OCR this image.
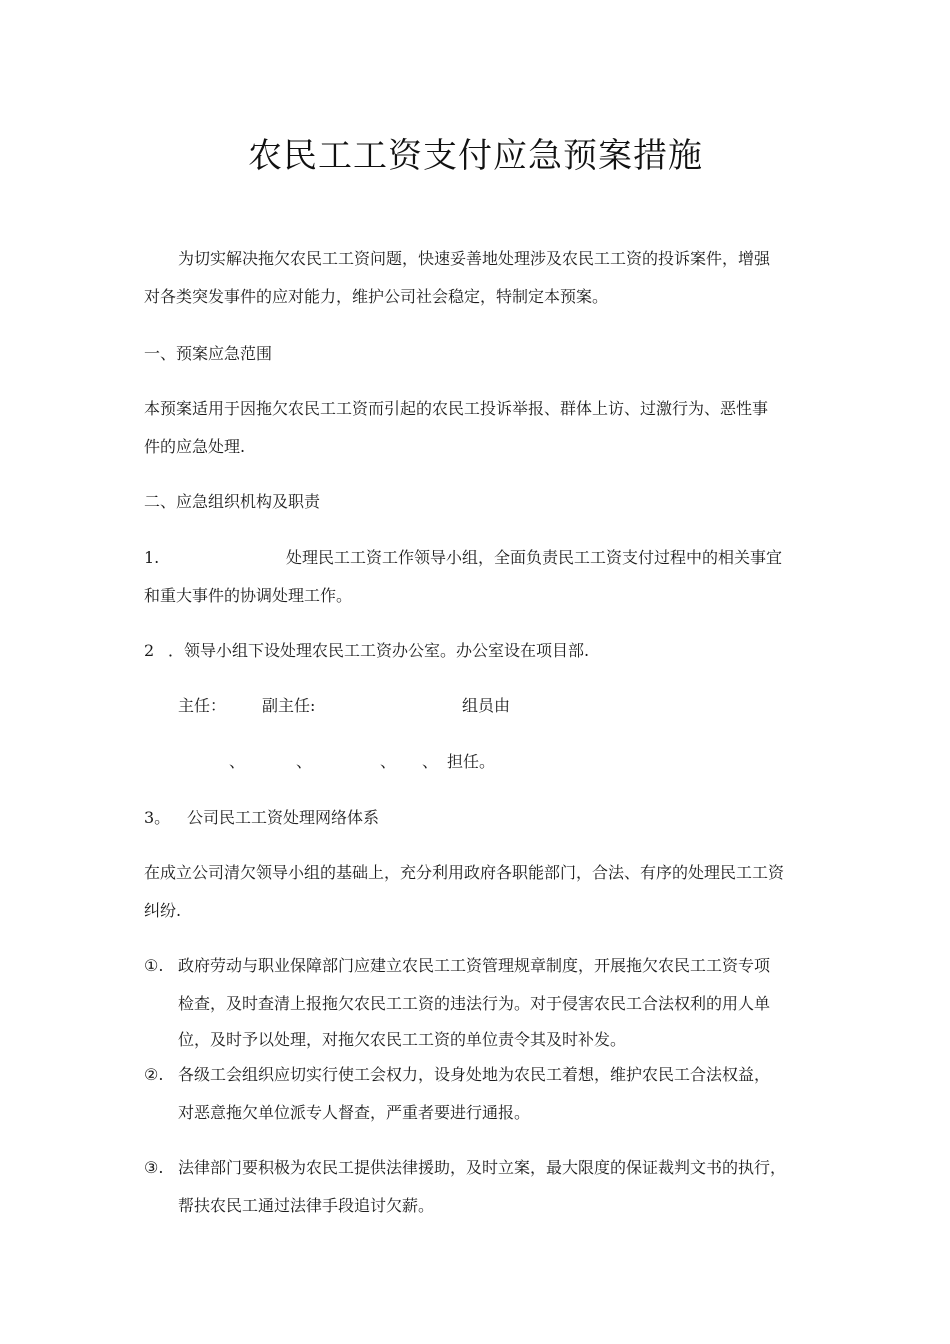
农民工工资支付应急预案措施
为切实解决拖欠农民工工资问题，快速妥善地处理涉及农民工工资的投诉案件，增强
对各类突发事件的应对能力，维护公司社会稳定，特制定本预案。
一、预案应急范围
本预案适用于因拖欠农民工工资而引起的农民工投诉举报、群体上访、过激行为、恶性事
件的应急处理.
二、应急组织机构及职责
1.	处理民工工资工作领导小组，全面负责民工工资支付过程中的相关事宜
和重大事件的协调处理工作。
2 ．领导小组下设处理农民工工资办公室。办公室设在项目部.
主任： 副主任:	组员由
、	、	、 、 担任。
3。 公司民工工资处理网络体系
在成立公司清欠领导小组的基础上，充分利用政府各职能部门，合法、有序的处理民工工资
纠纷.
①. 政府劳动与职业保障部门应建立农民工工资管理规章制度，开展拖欠农民工工资专项
检查，及时查清上报拖欠农民工工资的违法行为。对于侵害农民工合法权利的用人单
位，及时予以处理，对拖欠农民工工资的单位责令其及时补发。
②. 各级工会组织应切实行使工会权力，设身处地为农民工着想，维护农民工合法权益，
对恶意拖欠单位派专人督查，严重者要进行通报。
③. 法律部门要积极为农民工提供法律援助，及时立案，最大限度的保证裁判文书的执行，
帮扶农民工通过法律手段追讨欠薪。
